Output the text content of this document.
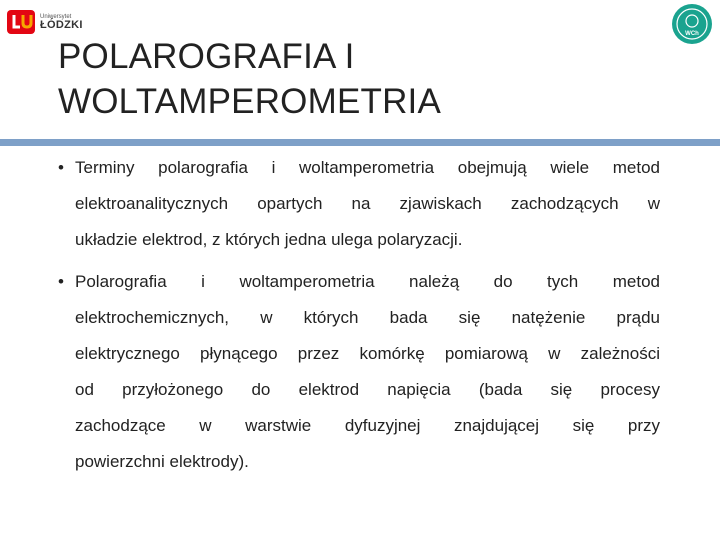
Uniwersytet
ŁÓDZKI
WCh
POLAROGRAFIA I
WOLTAMPEROMETRIA
• Terminy polarografia i woltamperometria obejmują wiele metod
elektroanalitycznych opartych na zjawiskach zachodzących w
układzie elektrod, z których jedna ulega polaryzacji.
• Polarografia i woltamperometria należą do tych metod
elektrochemicznych, w których bada się natężenie prądu
elektrycznego płynącego przez komórkę pomiarową w zależności
od przyłożonego do elektrod napięcia (bada się procesy
zachodzące w warstwie dyfuzyjnej znajdującej się przy
powierzchni elektrody).
